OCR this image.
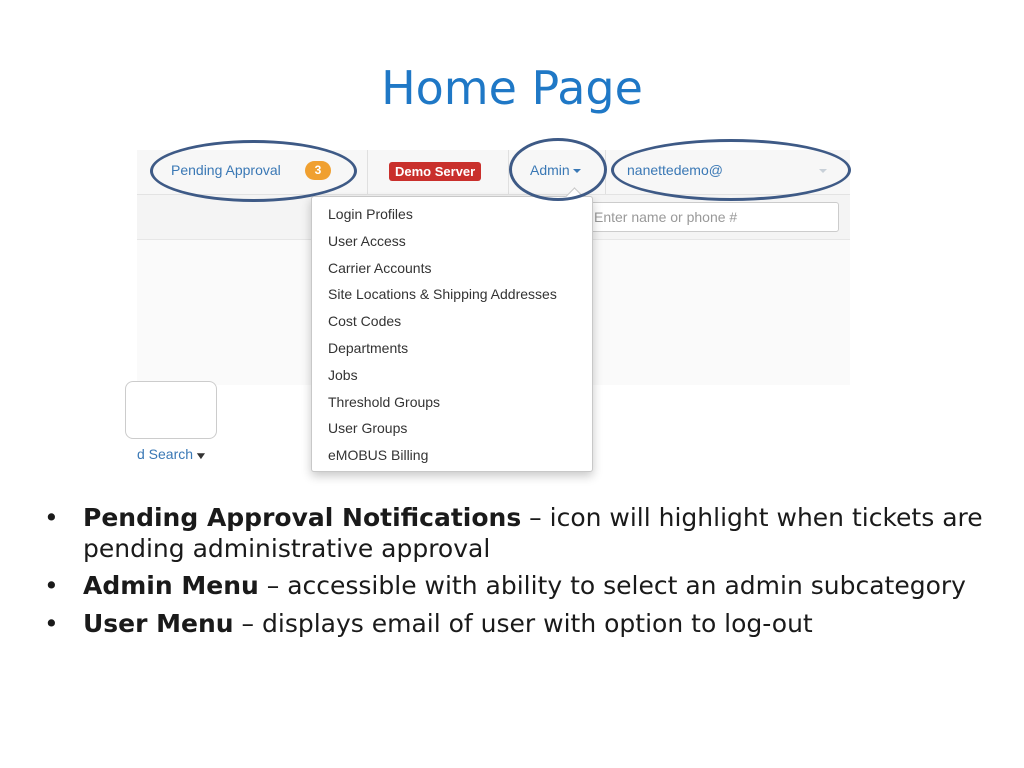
Home Page
Pending Approval	3	Demo Server	Admin	nanettedemo@
Enter name or phone #
d Search▼
Login Profiles
User Access
Carrier Accounts
Site Locations & Shipping Addresses
Cost Codes
Departments
Jobs
Threshold Groups
User Groups
eMOBUS Billing
• Pending Approval Notifications – icon will highlight when tickets are pending administrative approval
• Admin Menu – accessible with ability to select an admin subcategory
• User Menu – displays email of user with option to log-out
